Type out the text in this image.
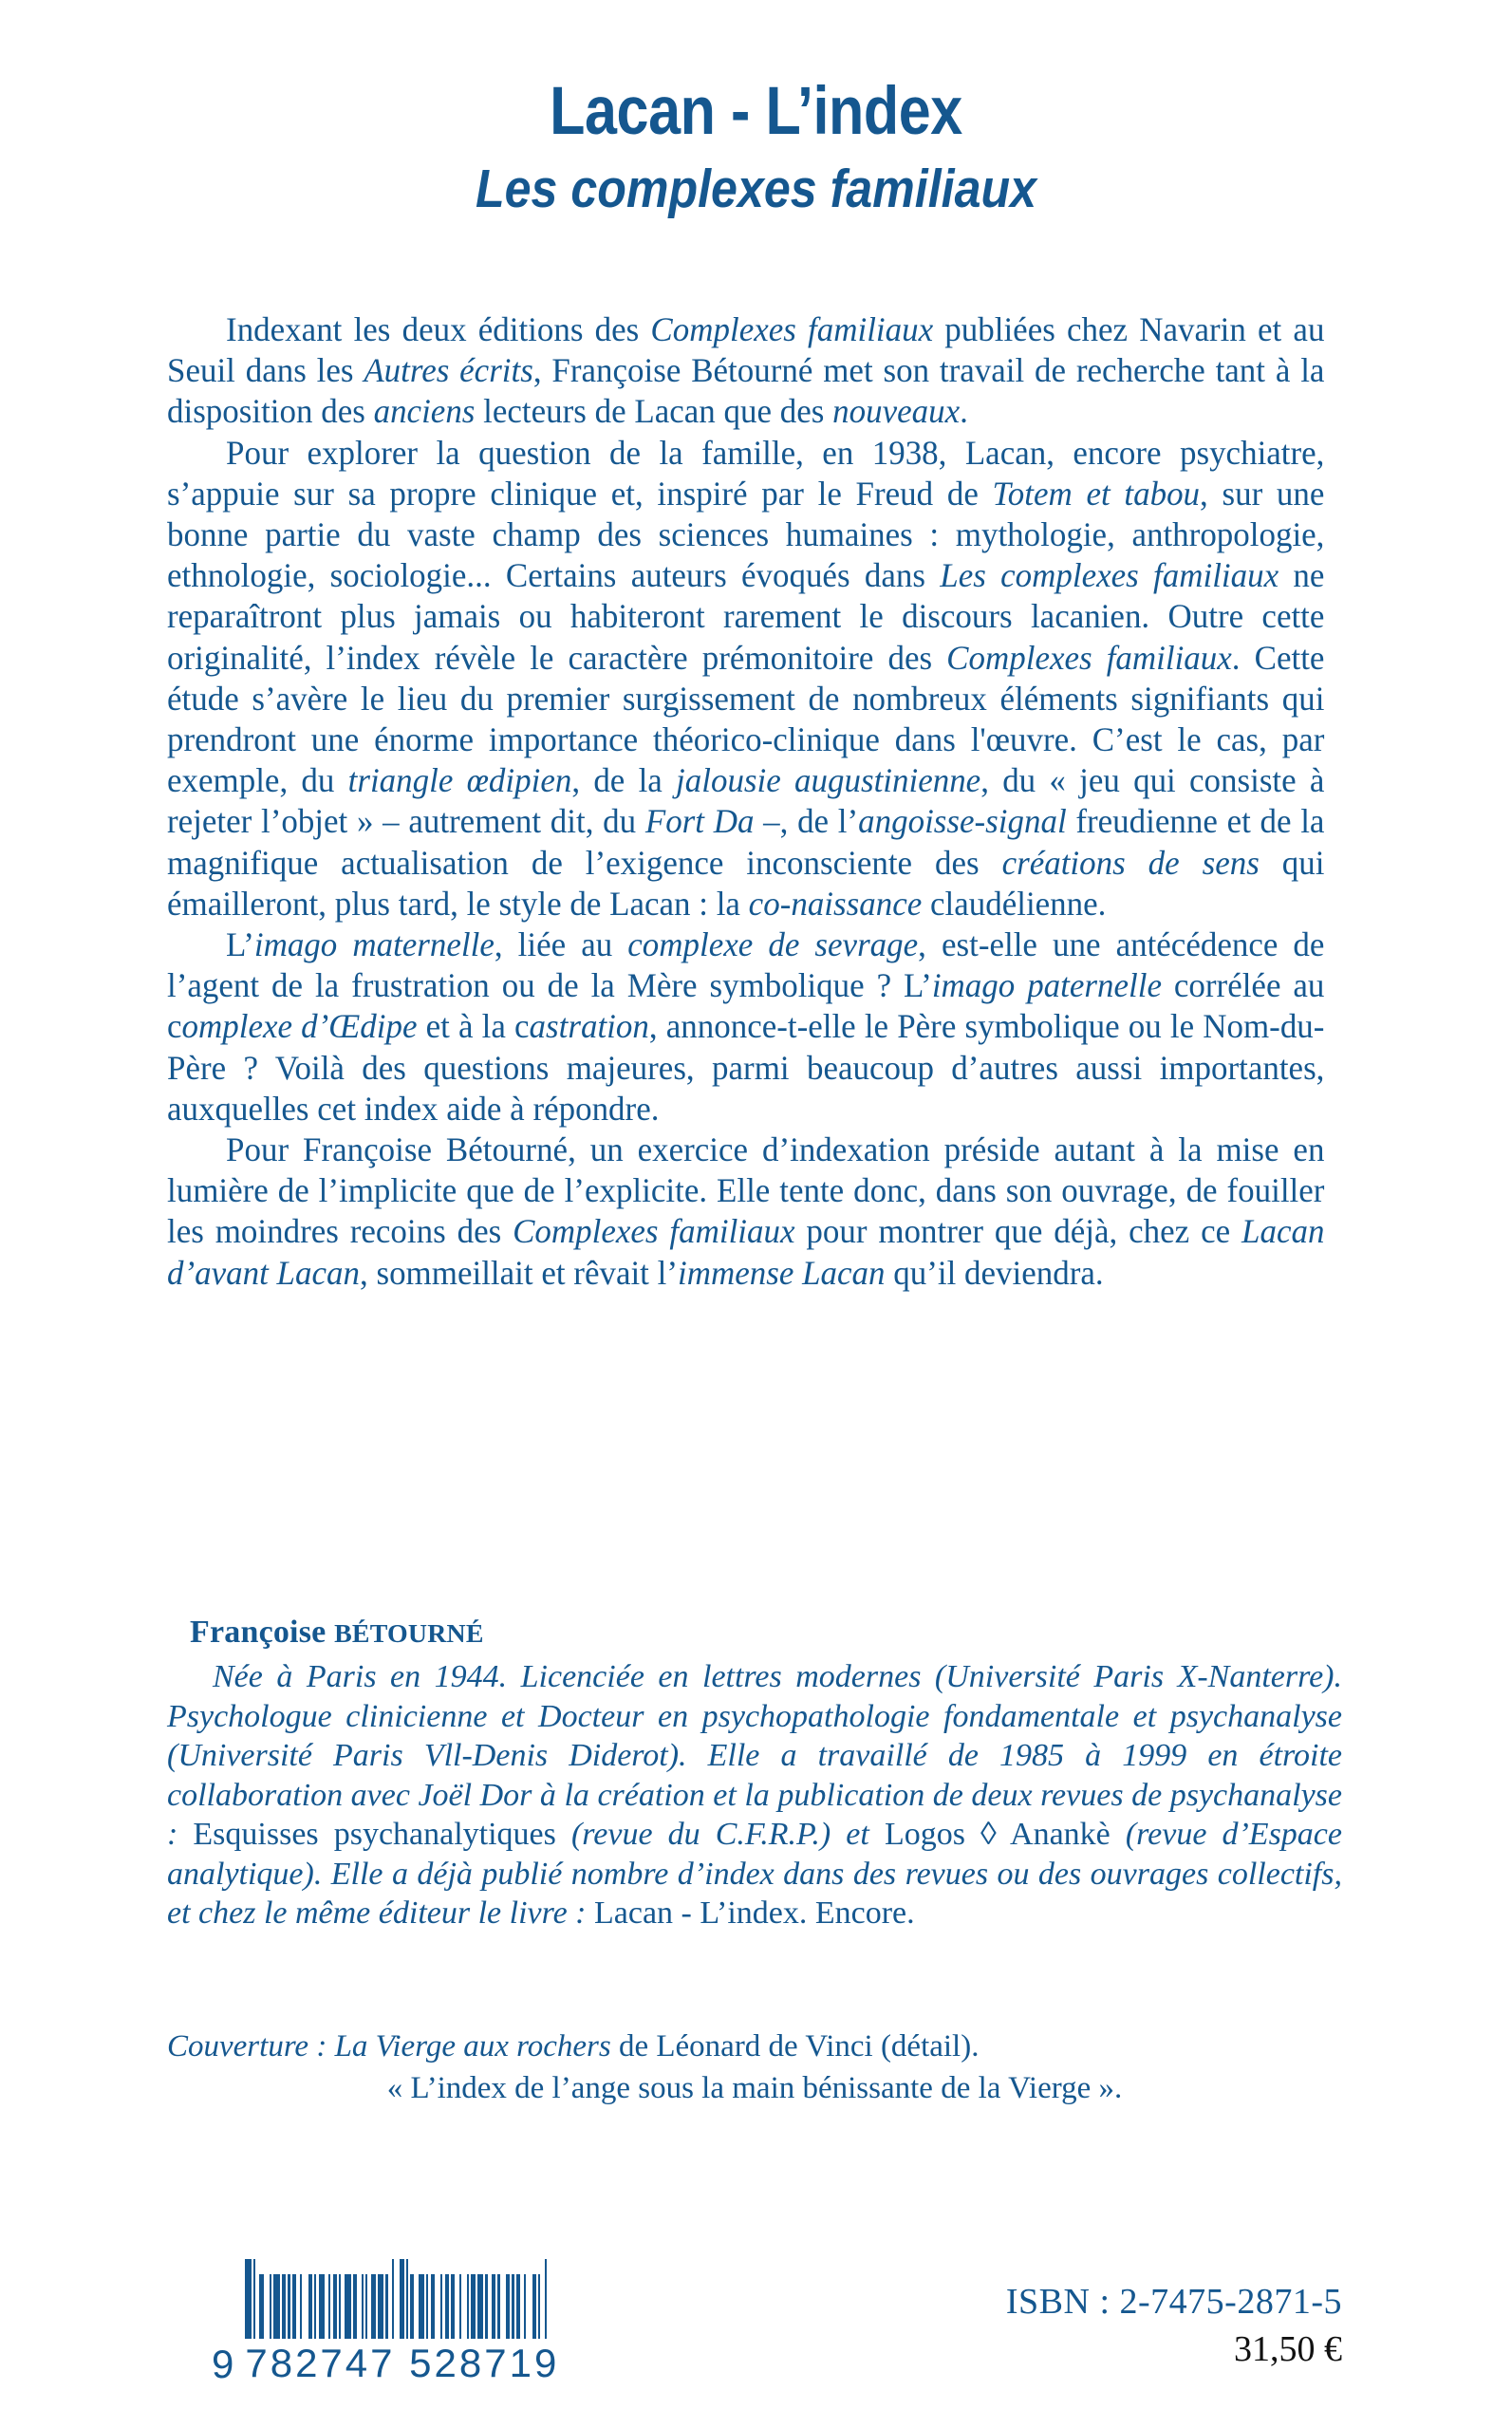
Lacan - L’index
Les complexes familiaux

Indexant les deux éditions des Complexes familiaux publiées chez Navarin et au Seuil dans les Autres écrits, Françoise Bétourné met son travail de recherche tant à la disposition des anciens lecteurs de Lacan que des nouveaux.

Pour explorer la question de la famille, en 1938, Lacan, encore psychiatre, s’appuie sur sa propre clinique et, inspiré par le Freud de Totem et tabou, sur une bonne partie du vaste champ des sciences humaines : mythologie, anthropologie, ethnologie, sociologie... Certains auteurs évoqués dans Les complexes familiaux ne reparaîtront plus jamais ou habiteront rarement le discours lacanien. Outre cette originalité, l’index révèle le caractère prémonitoire des Complexes familiaux. Cette étude s’avère le lieu du premier surgissement de nombreux éléments signifiants qui prendront une énorme importance théorico-clinique dans l'œuvre. C’est le cas, par exemple, du triangle œdipien, de la jalousie augustinienne, du « jeu qui consiste à rejeter l’objet » – autrement dit, du Fort Da –, de l’angoisse-signal freudienne et de la magnifique actualisation de l’exigence inconsciente des créations de sens qui émailleront, plus tard, le style de Lacan : la co-naissance claudélienne.

L’imago maternelle, liée au complexe de sevrage, est-elle une antécédence de l’agent de la frustration ou de la Mère symbolique ? L’imago paternelle corrélée au complexe d’Œdipe et à la castration, annonce-t-elle le Père symbolique ou le Nom-du-Père ? Voilà des questions majeures, parmi beaucoup d’autres aussi importantes, auxquelles cet index aide à répondre.

Pour Françoise Bétourné, un exercice d’indexation préside autant à la mise en lumière de l’implicite que de l’explicite. Elle tente donc, dans son ouvrage, de fouiller les moindres recoins des Complexes familiaux pour montrer que déjà, chez ce Lacan d’avant Lacan, sommeillait et rêvait l’immense Lacan qu’il deviendra.

Françoise BÉTOURNÉ

Née à Paris en 1944. Licenciée en lettres modernes (Université Paris X-Nanterre). Psychologue clinicienne et Docteur en psychopathologie fondamentale et psychanalyse (Université Paris Vll-Denis Diderot). Elle a travaillé de 1985 à 1999 en étroite collaboration avec Joël Dor à la création et la publication de deux revues de psychanalyse : Esquisses psychanalytiques (revue du C.F.R.P.) et Logos ◊ Anankè (revue d’Espace analytique). Elle a déjà publié nombre d’index dans des revues ou des ouvrages collectifs, et chez le même éditeur le livre : Lacan - L’index. Encore.

Couverture : La Vierge aux rochers de Léonard de Vinci (détail).
« L’index de l’ange sous la main bénissante de la Vierge ».
9 782747 528719
ISBN : 2-7475-2871-5
31,50 €
